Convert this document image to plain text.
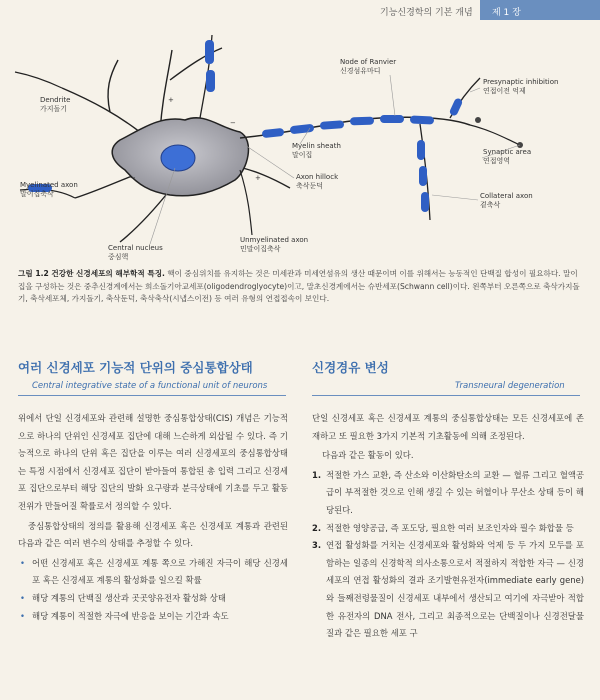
기능신경학의 기본 개념	제 1 장
+
−
+
−
Dendrite
가지돌기
Node of Ranvier
신경섬유마디
Presynaptic inhibition
연접이전 억제
Myelin sheath
말이집	Synaptic area
연접영역
Axon hillock
축삭둔덕
Myelinated axon
말이집축삭	Collateral axon
곁축삭
Central nucleus
중심핵
Unmyelinated axon
민말이집축삭
그림 1.2 건강한 신경세포의 해부학적 특징. 핵이 중심위치를 유지하는 것은 미세관과 미세연섬유의 생산 때문이며 이를 위해서는 능동적인 단백질 합성이 필요하다. 말이집을 구성하는 것은 중추신경계에서는 희소돌기아교세포(oligodendroglyocyte)이고, 말초신경계에서는 슈반세포(Schwann cell)이다. 왼쪽부터 오른쪽으로 축삭가지돌기, 축삭세포체, 가지돌기, 축삭둔덕, 축삭축삭(시냅스이전) 등 여러 유형의 연접접속이 보인다.
여러 신경세포 기능적 단위의 중심통합상태
Central integrative state of a functional unit of neurons
신경경유 변성
Transneural degeneration

위에서 단일 신경세포와 관련해 설명한 중심통합상태(CIS) 개념은 기능적으로 하나의 단위인 신경세포 집단에 대해 느슨하게 외삽될 수 있다. 즉 기능적으로 하나의 단위 혹은 집단을 이루는 여러 신경세포의 중심통합상태는 특정 시점에서 신경세포 집단이 받아들여 통합된 총 입력 그리고 신경세포 집단으로부터 해당 집단의 발화 요구량과 분극상태에 기초를 두고 활동전위가 만들어질 확률로서 정의할 수 있다.

중심통합상태의 정의를 활용해 신경세포 혹은 신경세포 계통과 관련된 다음과 같은 여러 변수의 상태를 추정할 수 있다.

• 어떤 신경세포 혹은 신경세포 계통 쪽으로 가해진 자극이 해당 신경세포 혹은 신경세포 계통의 활성화를 일으킬 확률
• 해당 계통의 단백질 생산과 곳곳양유전자 활성화 상태
• 해당 계통이 적절한 자극에 반응을 보이는 기간과 속도

단일 신경세포 혹은 신경세포 계통의 중심통합상태는 모든 신경세포에 존재하고 또 필요한 3가지 기본적 기초활동에 의해 조정된다.

다음과 같은 활동이 있다.

1. 적절한 가스 교환, 즉 산소와 이산화탄소의 교환 — 혈류 그리고 혈액공급이 부적절한 것으로 인해 생길 수 있는 허혈이나 무산소 상태 등이 해당된다.
2. 적절한 영양공급, 즉 포도당, 필요한 여러 보조인자와 필수 화합물 등
3. 연접 활성화를 거치는 신경세포와 활성화와 억제 등 두 가지 모두를 포함하는 일종의 신경학적 의사소통으로서 적절하지 적합한 자극 — 신경세포의 연접 활성화의 결과 조기발현유전자(immediate early gene)와 들째전령물질이 신경세포 내부에서 생산되고 여기에 자극받아 적합한 유전자의 DNA 전사, 그리고 최종적으로는 단백질이나 신경전달물질과 같은 필요한 세포 구
